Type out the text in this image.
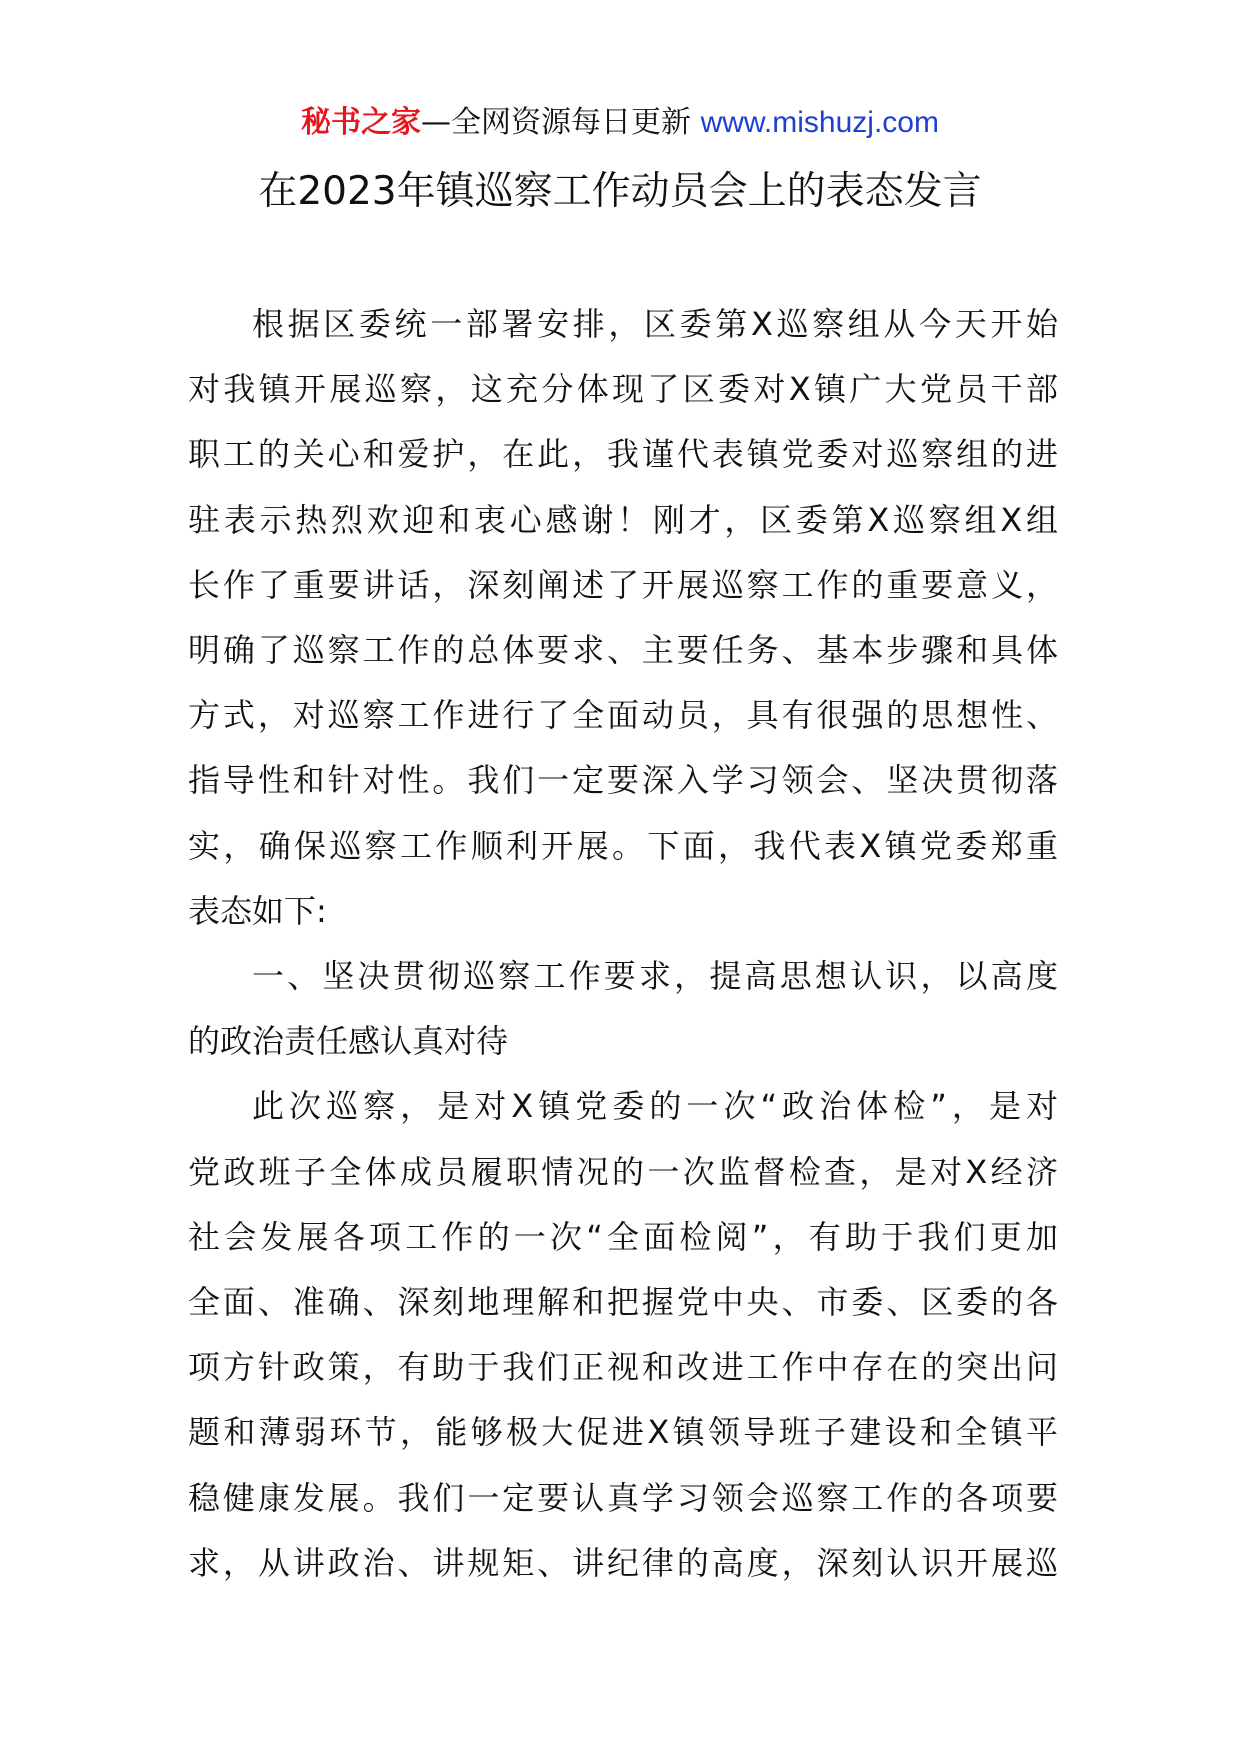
秘书之家—全网资源每日更新 www.mishuzj.com
在2023年镇巡察工作动员会上的表态发言
根据区委统一部署安排，区委第X巡察组从今天开始
对我镇开展巡察，这充分体现了区委对X镇广大党员干部
职工的关心和爱护，在此，我谨代表镇党委对巡察组的进
驻表示热烈欢迎和衷心感谢！刚才，区委第X巡察组X组
长作了重要讲话，深刻阐述了开展巡察工作的重要意义，
明确了巡察工作的总体要求、主要任务、基本步骤和具体
方式，对巡察工作进行了全面动员，具有很强的思想性、
指导性和针对性。我们一定要深入学习领会、坚决贯彻落
实，确保巡察工作顺利开展。下面，我代表X镇党委郑重
表态如下:
一、坚决贯彻巡察工作要求，提高思想认识，以高度
的政治责任感认真对待
此次巡察，是对X镇党委的一次“政治体检”，是对
党政班子全体成员履职情况的一次监督检查，是对X经济
社会发展各项工作的一次“全面检阅”，有助于我们更加
全面、准确、深刻地理解和把握党中央、市委、区委的各
项方针政策，有助于我们正视和改进工作中存在的突出问
题和薄弱环节，能够极大促进X镇领导班子建设和全镇平
稳健康发展。我们一定要认真学习领会巡察工作的各项要
求，从讲政治、讲规矩、讲纪律的高度，深刻认识开展巡
